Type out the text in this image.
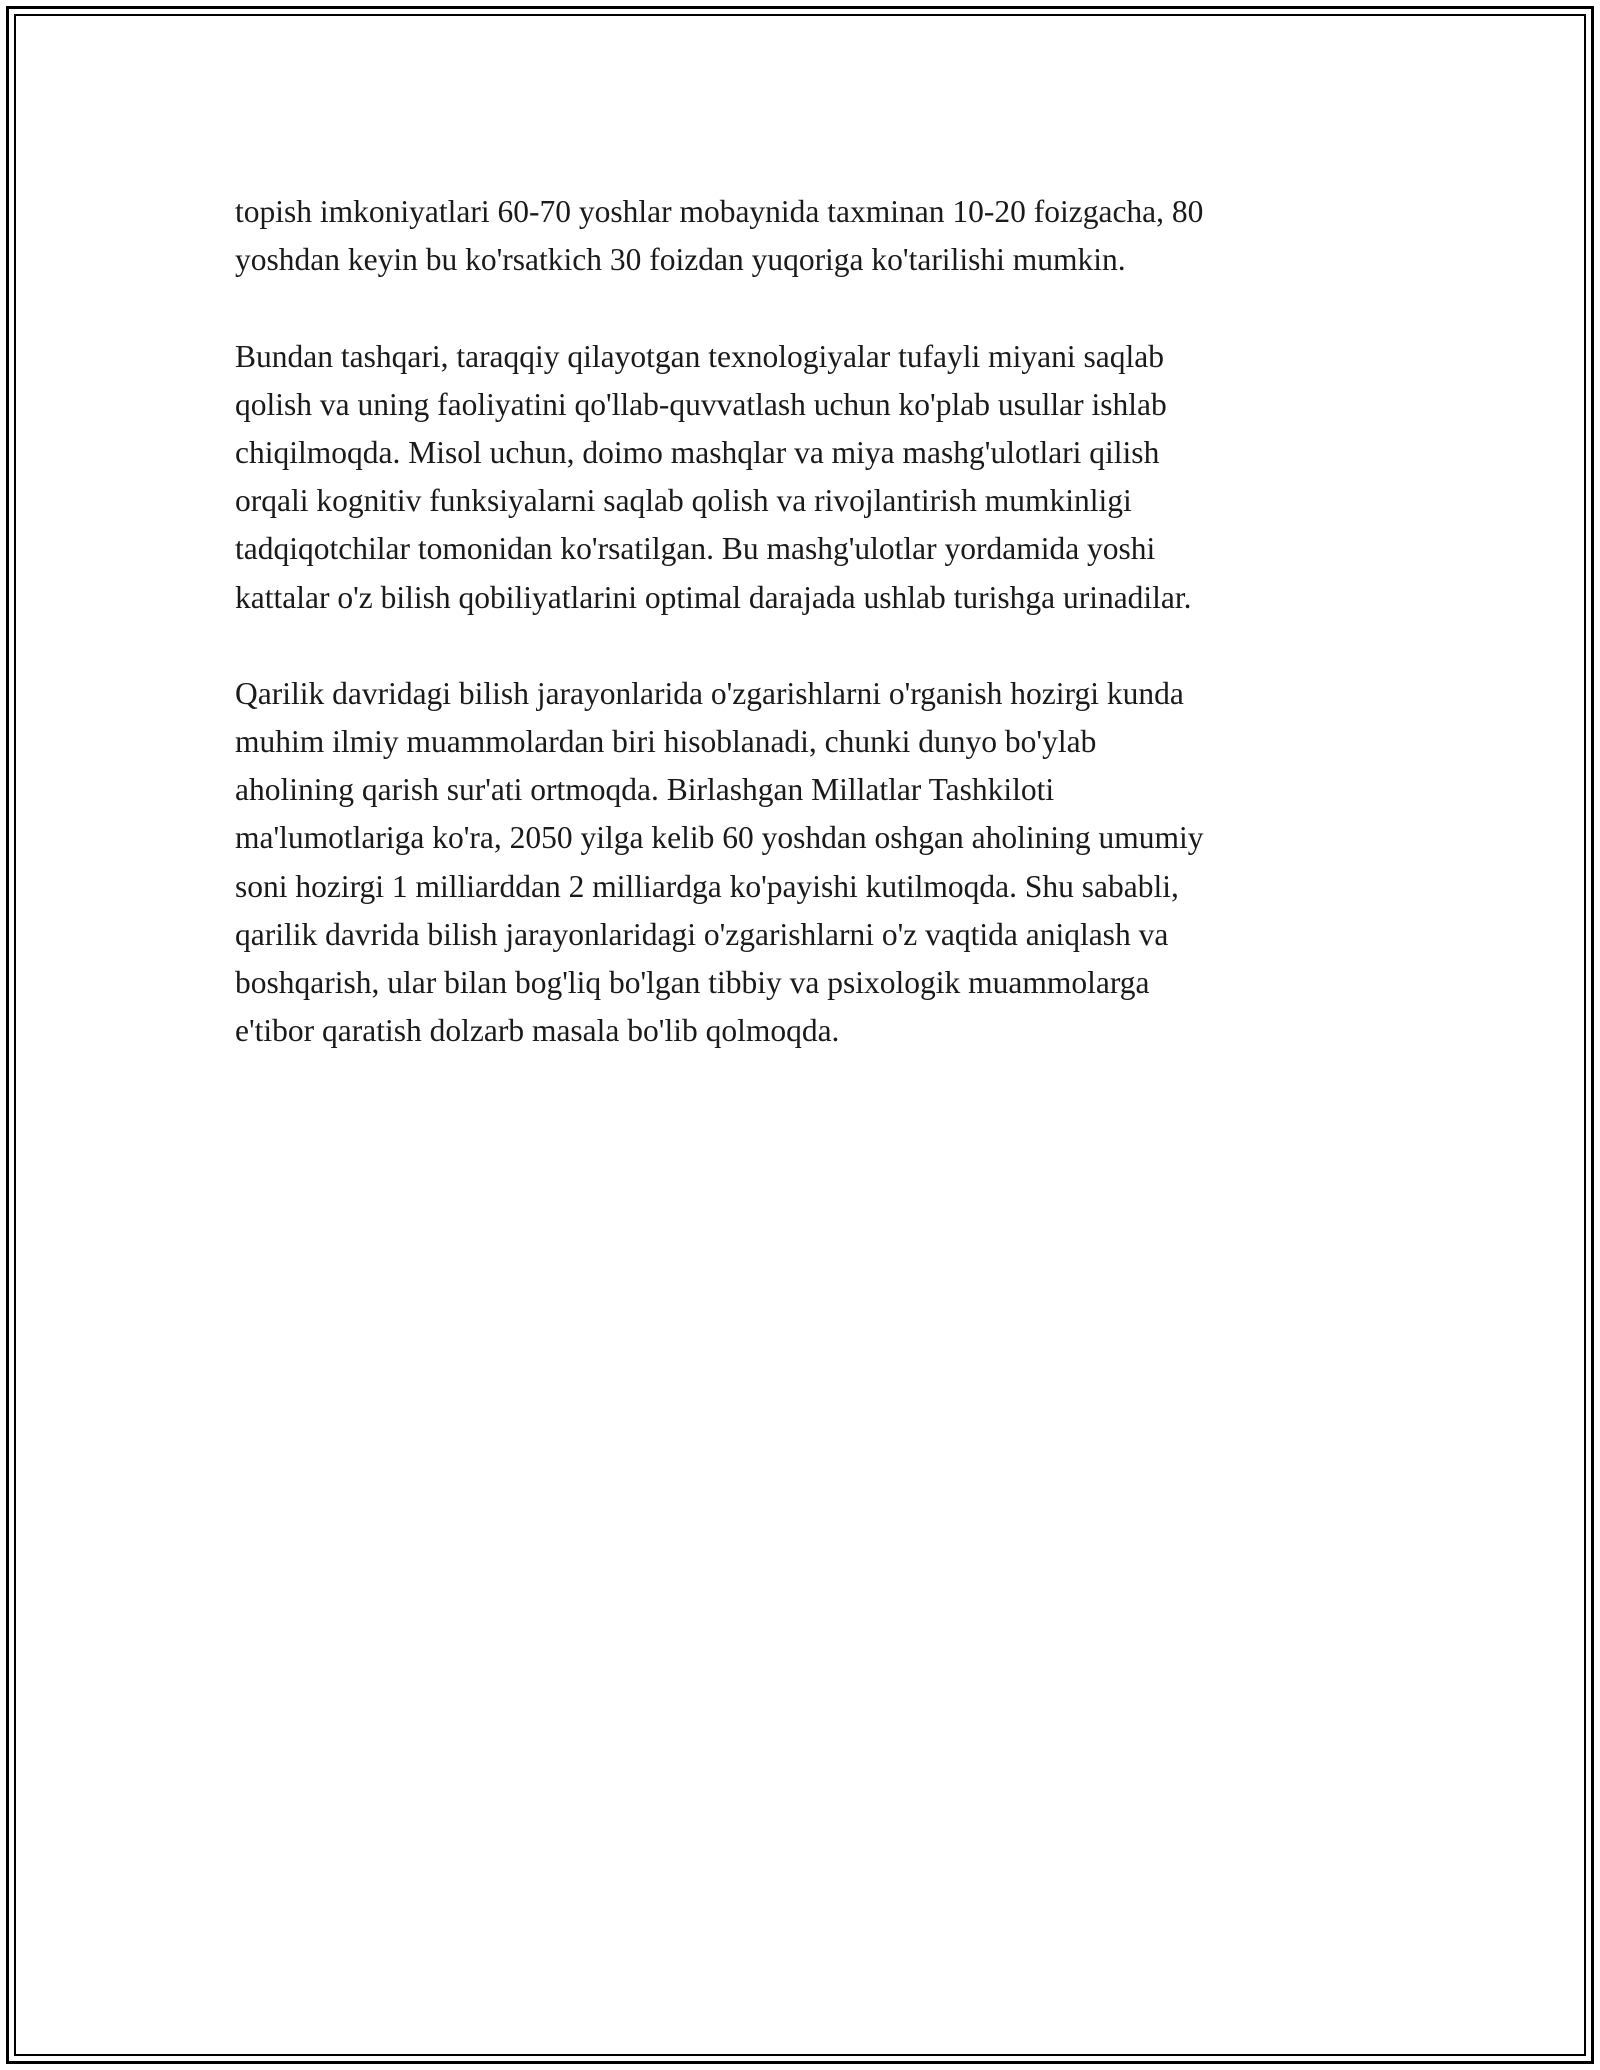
topish imkoniyatlari 60-70 yoshlar mobaynida taxminan 10-20 foizgacha, 80
yoshdan keyin bu ko'rsatkich 30 foizdan yuqoriga ko'tarilishi mumkin.

Bundan tashqari, taraqqiy qilayotgan texnologiyalar tufayli miyani saqlab
qolish va uning faoliyatini qo'llab-quvvatlash uchun ko'plab usullar ishlab
chiqilmoqda. Misol uchun, doimo mashqlar va miya mashg'ulotlari qilish
orqali kognitiv funksiyalarni saqlab qolish va rivojlantirish mumkinligi
tadqiqotchilar tomonidan ko'rsatilgan. Bu mashg'ulotlar yordamida yoshi
kattalar o'z bilish qobiliyatlarini optimal darajada ushlab turishga urinadilar.

Qarilik davridagi bilish jarayonlarida o'zgarishlarni o'rganish hozirgi kunda
muhim ilmiy muammolardan biri hisoblanadi, chunki dunyo bo'ylab
aholining qarish sur'ati ortmoqda. Birlashgan Millatlar Tashkiloti
ma'lumotlariga ko'ra, 2050 yilga kelib 60 yoshdan oshgan aholining umumiy
soni hozirgi 1 milliarddan 2 milliardga ko'payishi kutilmoqda. Shu sababli,
qarilik davrida bilish jarayonlaridagi o'zgarishlarni o'z vaqtida aniqlash va
boshqarish, ular bilan bog'liq bo'lgan tibbiy va psixologik muammolarga
e'tibor qaratish dolzarb masala bo'lib qolmoqda.
